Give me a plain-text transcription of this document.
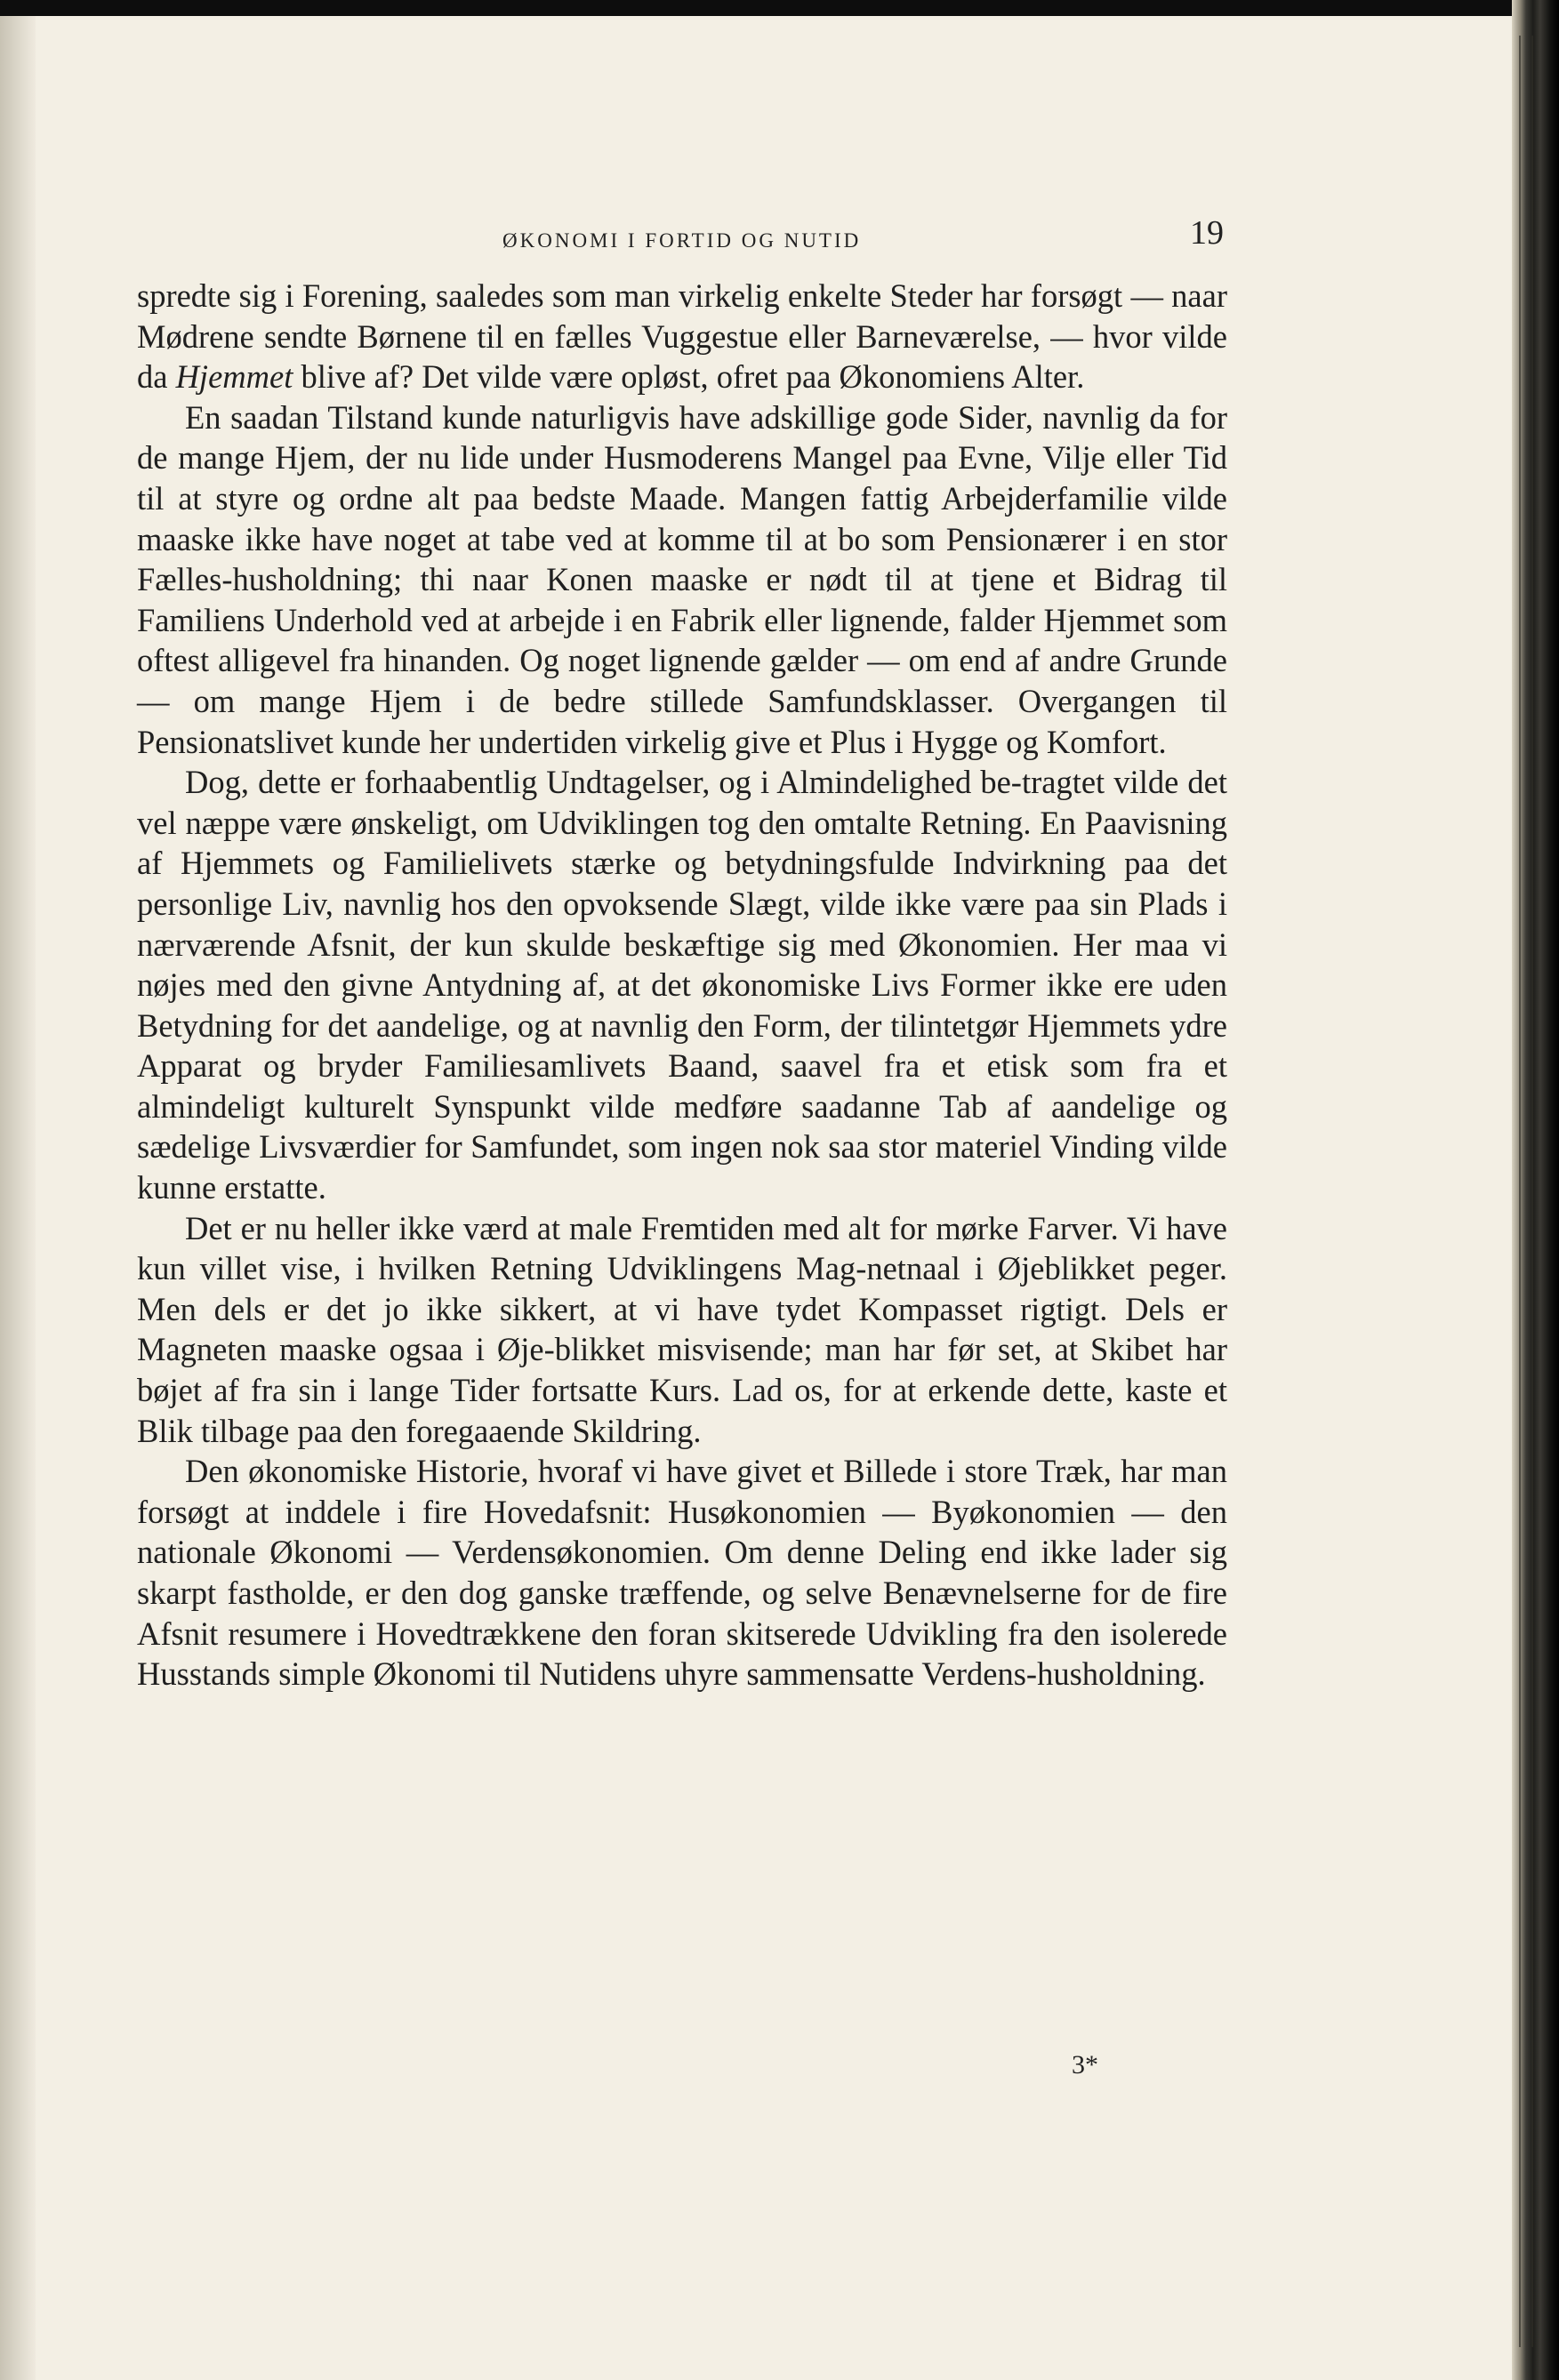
ØKONOMI I FORTID OG NUTID	19

spredte sig i Forening, saaledes som man virkelig enkelte Steder har forsøgt — naar Mødrene sendte Børnene til en fælles Vuggestue eller Barneværelse, — hvor vilde da Hjemmet blive af? Det vilde være opløst, ofret paa Økonomiens Alter.

En saadan Tilstand kunde naturligvis have adskillige gode Sider, navnlig da for de mange Hjem, der nu lide under Husmoderens Mangel paa Evne, Vilje eller Tid til at styre og ordne alt paa bedste Maade. Mangen fattig Arbejderfamilie vilde maaske ikke have noget at tabe ved at komme til at bo som Pensionærer i en stor Fælles-husholdning; thi naar Konen maaske er nødt til at tjene et Bidrag til Familiens Underhold ved at arbejde i en Fabrik eller lignende, falder Hjemmet som oftest alligevel fra hinanden. Og noget lignende gælder — om end af andre Grunde — om mange Hjem i de bedre stillede Samfundsklasser. Overgangen til Pensionatslivet kunde her undertiden virkelig give et Plus i Hygge og Komfort.

Dog, dette er forhaabentlig Undtagelser, og i Almindelighed be-tragtet vilde det vel næppe være ønskeligt, om Udviklingen tog den omtalte Retning. En Paavisning af Hjemmets og Familielivets stærke og betydningsfulde Indvirkning paa det personlige Liv, navnlig hos den opvoksende Slægt, vilde ikke være paa sin Plads i nærværende Afsnit, der kun skulde beskæftige sig med Økonomien. Her maa vi nøjes med den givne Antydning af, at det økonomiske Livs Former ikke ere uden Betydning for det aandelige, og at navnlig den Form, der tilintetgør Hjemmets ydre Apparat og bryder Familiesamlivets Baand, saavel fra et etisk som fra et almindeligt kulturelt Synspunkt vilde medføre saadanne Tab af aandelige og sædelige Livsværdier for Samfundet, som ingen nok saa stor materiel Vinding vilde kunne erstatte.

Det er nu heller ikke værd at male Fremtiden med alt for mørke Farver. Vi have kun villet vise, i hvilken Retning Udviklingens Mag-netnaal i Øjeblikket peger. Men dels er det jo ikke sikkert, at vi have tydet Kompasset rigtigt. Dels er Magneten maaske ogsaa i Øje-blikket misvisende; man har før set, at Skibet har bøjet af fra sin i lange Tider fortsatte Kurs. Lad os, for at erkende dette, kaste et Blik tilbage paa den foregaaende Skildring.

Den økonomiske Historie, hvoraf vi have givet et Billede i store Træk, har man forsøgt at inddele i fire Hovedafsnit: Husøkonomien — Byøkonomien — den nationale Økonomi — Verdensøkonomien. Om denne Deling end ikke lader sig skarpt fastholde, er den dog ganske træffende, og selve Benævnelserne for de fire Afsnit resumere i Hovedtrækkene den foran skitserede Udvikling fra den isolerede Husstands simple Økonomi til Nutidens uhyre sammensatte Verdens-husholdning.

3*
